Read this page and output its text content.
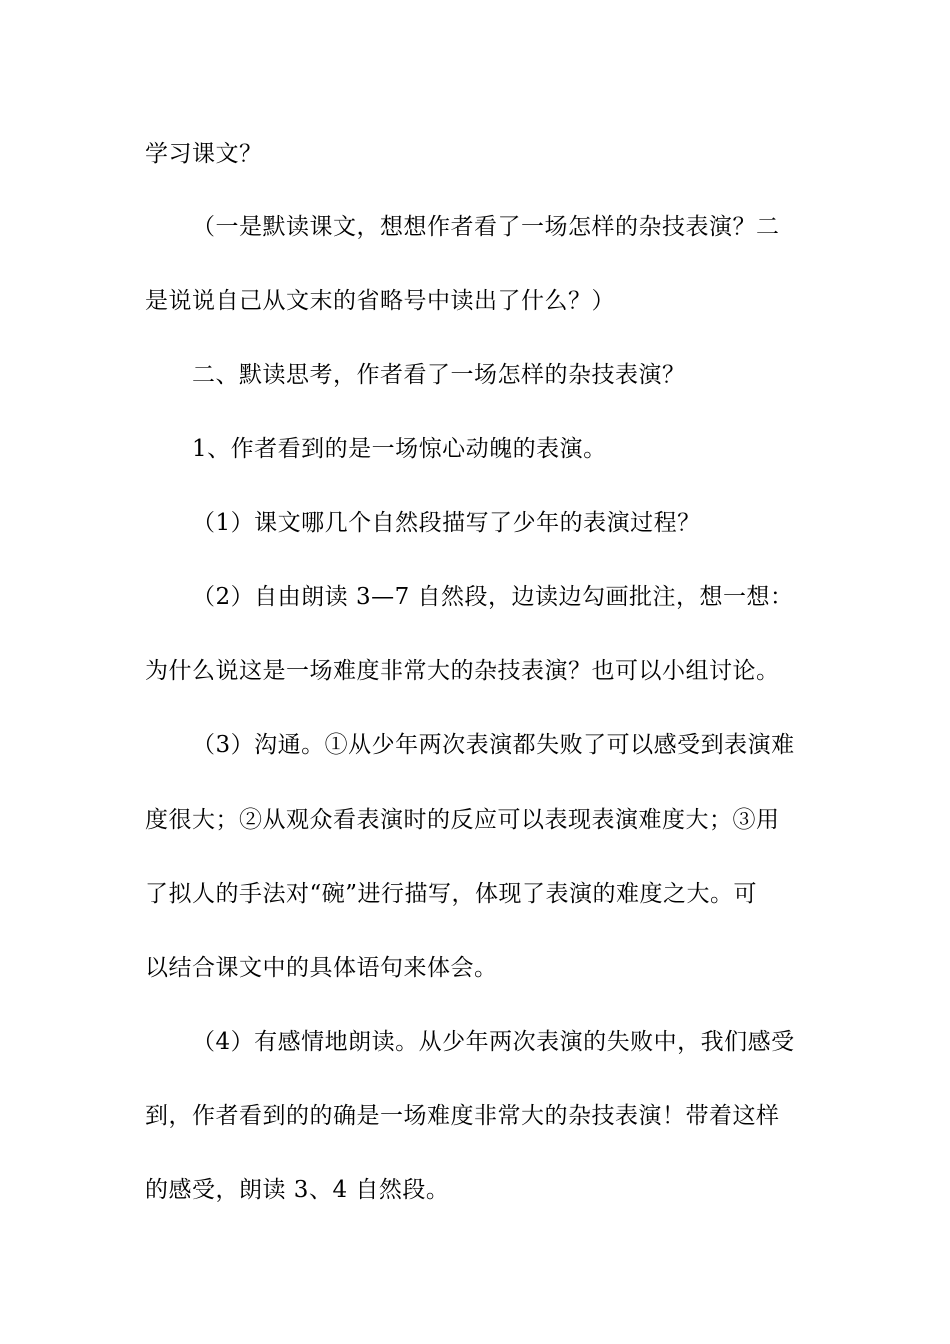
学习课文？
（一是默读课文，想想作者看了一场怎样的杂技表演？二
是说说自己从文末的省略号中读出了什么？）
二、默读思考，作者看了一场怎样的杂技表演？
1、作者看到的是一场惊心动魄的表演。
（1）课文哪几个自然段描写了少年的表演过程？
（2）自由朗读 3—7 自然段，边读边勾画批注，想一想：
为什么说这是一场难度非常大的杂技表演？也可以小组讨论。
（3）沟通。①从少年两次表演都失败了可以感受到表演难
度很大；②从观众看表演时的反应可以表现表演难度大；③用
了拟人的手法对“碗”进行描写，体现了表演的难度之大。可
以结合课文中的具体语句来体会。
（4）有感情地朗读。从少年两次表演的失败中，我们感受
到，作者看到的的确是一场难度非常大的杂技表演！带着这样
的感受，朗读 3、4 自然段。
